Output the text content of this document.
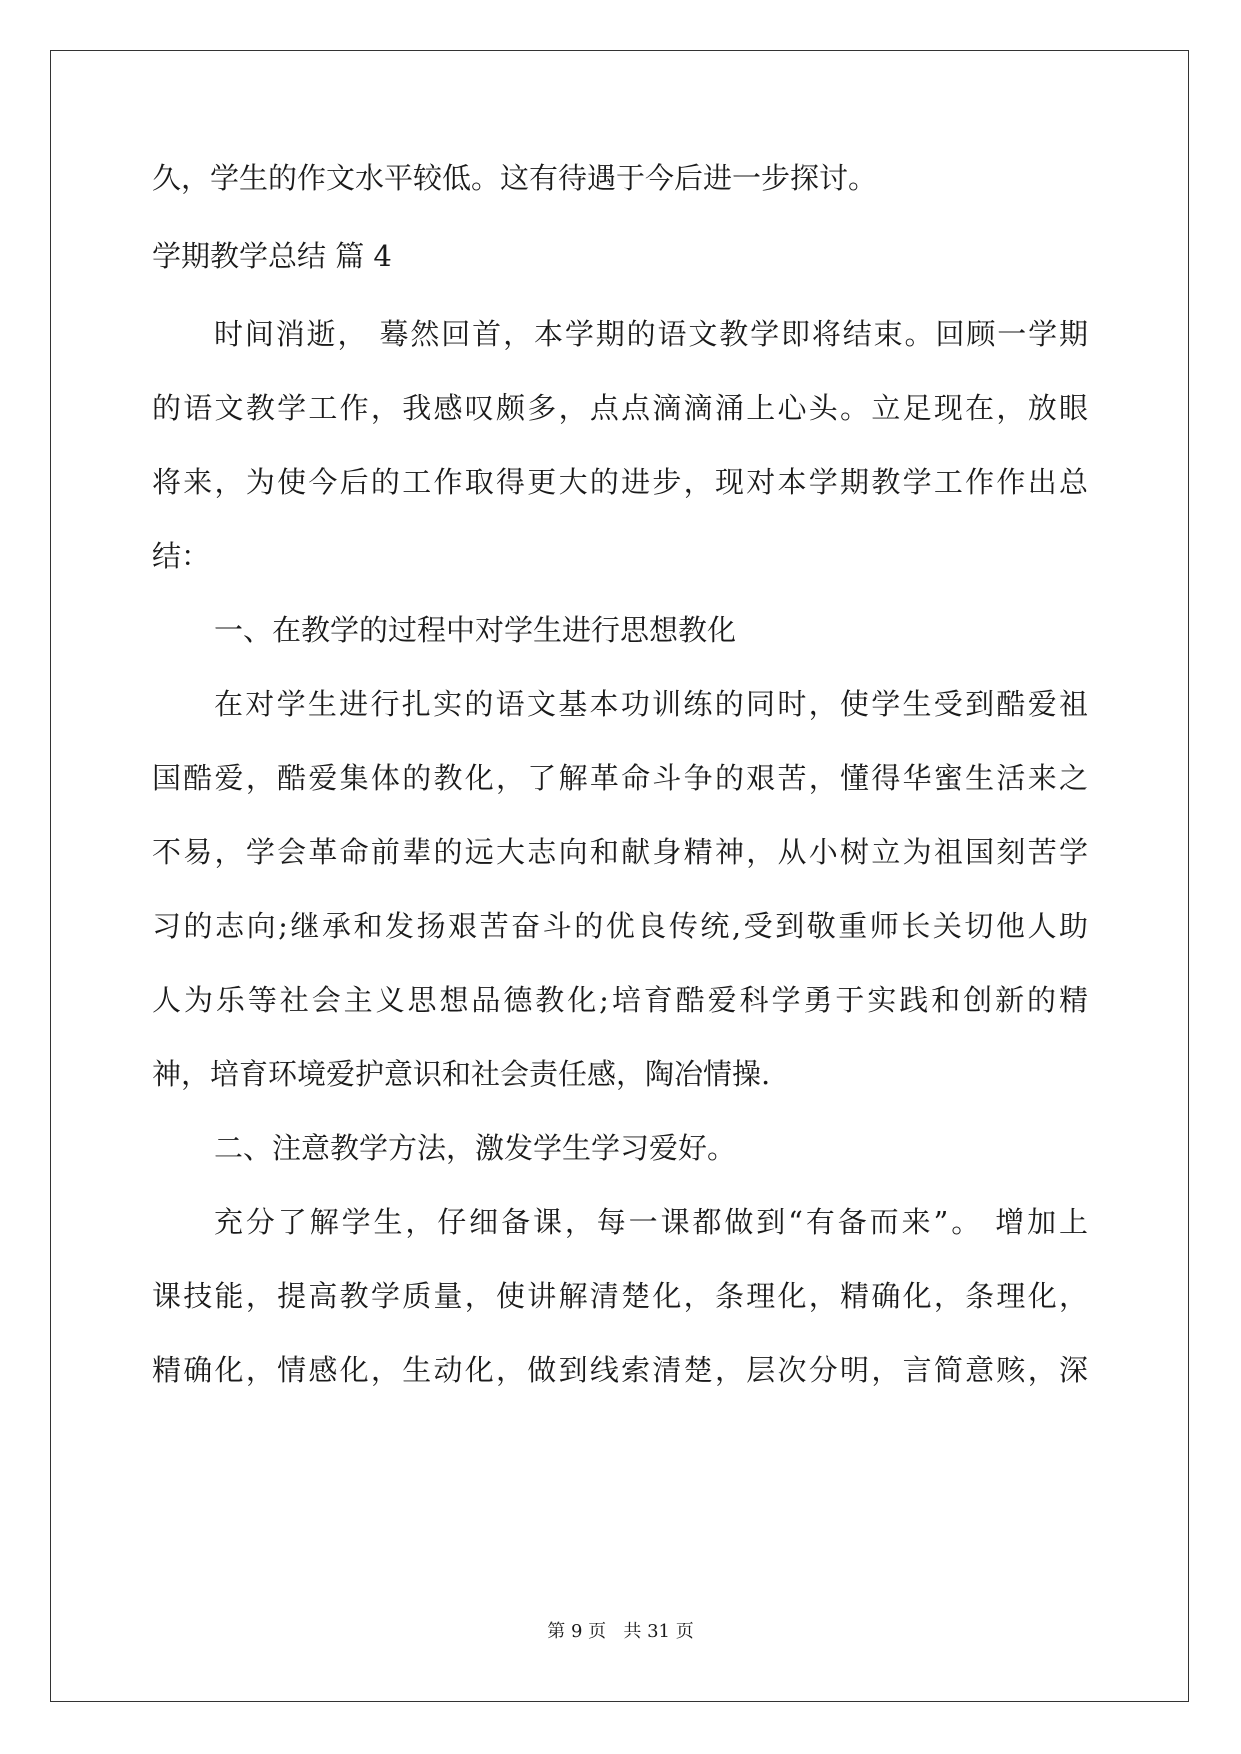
久，学生的作文水平较低。这有待遇于今后进一步探讨。
学期教学总结 篇 4
时间消逝， 蓦然回首，本学期的语文教学即将结束。回顾一学期
的语文教学工作，我感叹颇多，点点滴滴涌上心头。立足现在，放眼
将来，为使今后的工作取得更大的进步，现对本学期教学工作作出总
结：
一、在教学的过程中对学生进行思想教化
在对学生进行扎实的语文基本功训练的同时，使学生受到酷爱祖
国酷爱，酷爱集体的教化，了解革命斗争的艰苦，懂得华蜜生活来之
不易，学会革命前辈的远大志向和献身精神，从小树立为祖国刻苦学
习的志向;继承和发扬艰苦奋斗的优良传统,受到敬重师长关切他人助
人为乐等社会主义思想品德教化;培育酷爱科学勇于实践和创新的精
神，培育环境爱护意识和社会责任感，陶冶情操.
二、注意教学方法，激发学生学习爱好。
充分了解学生，仔细备课，每一课都做到“有备而来”。 增加上
课技能，提高教学质量，使讲解清楚化，条理化，精确化，条理化，
精确化，情感化，生动化，做到线索清楚，层次分明，言简意赅，深
第 9 页 共 31 页
